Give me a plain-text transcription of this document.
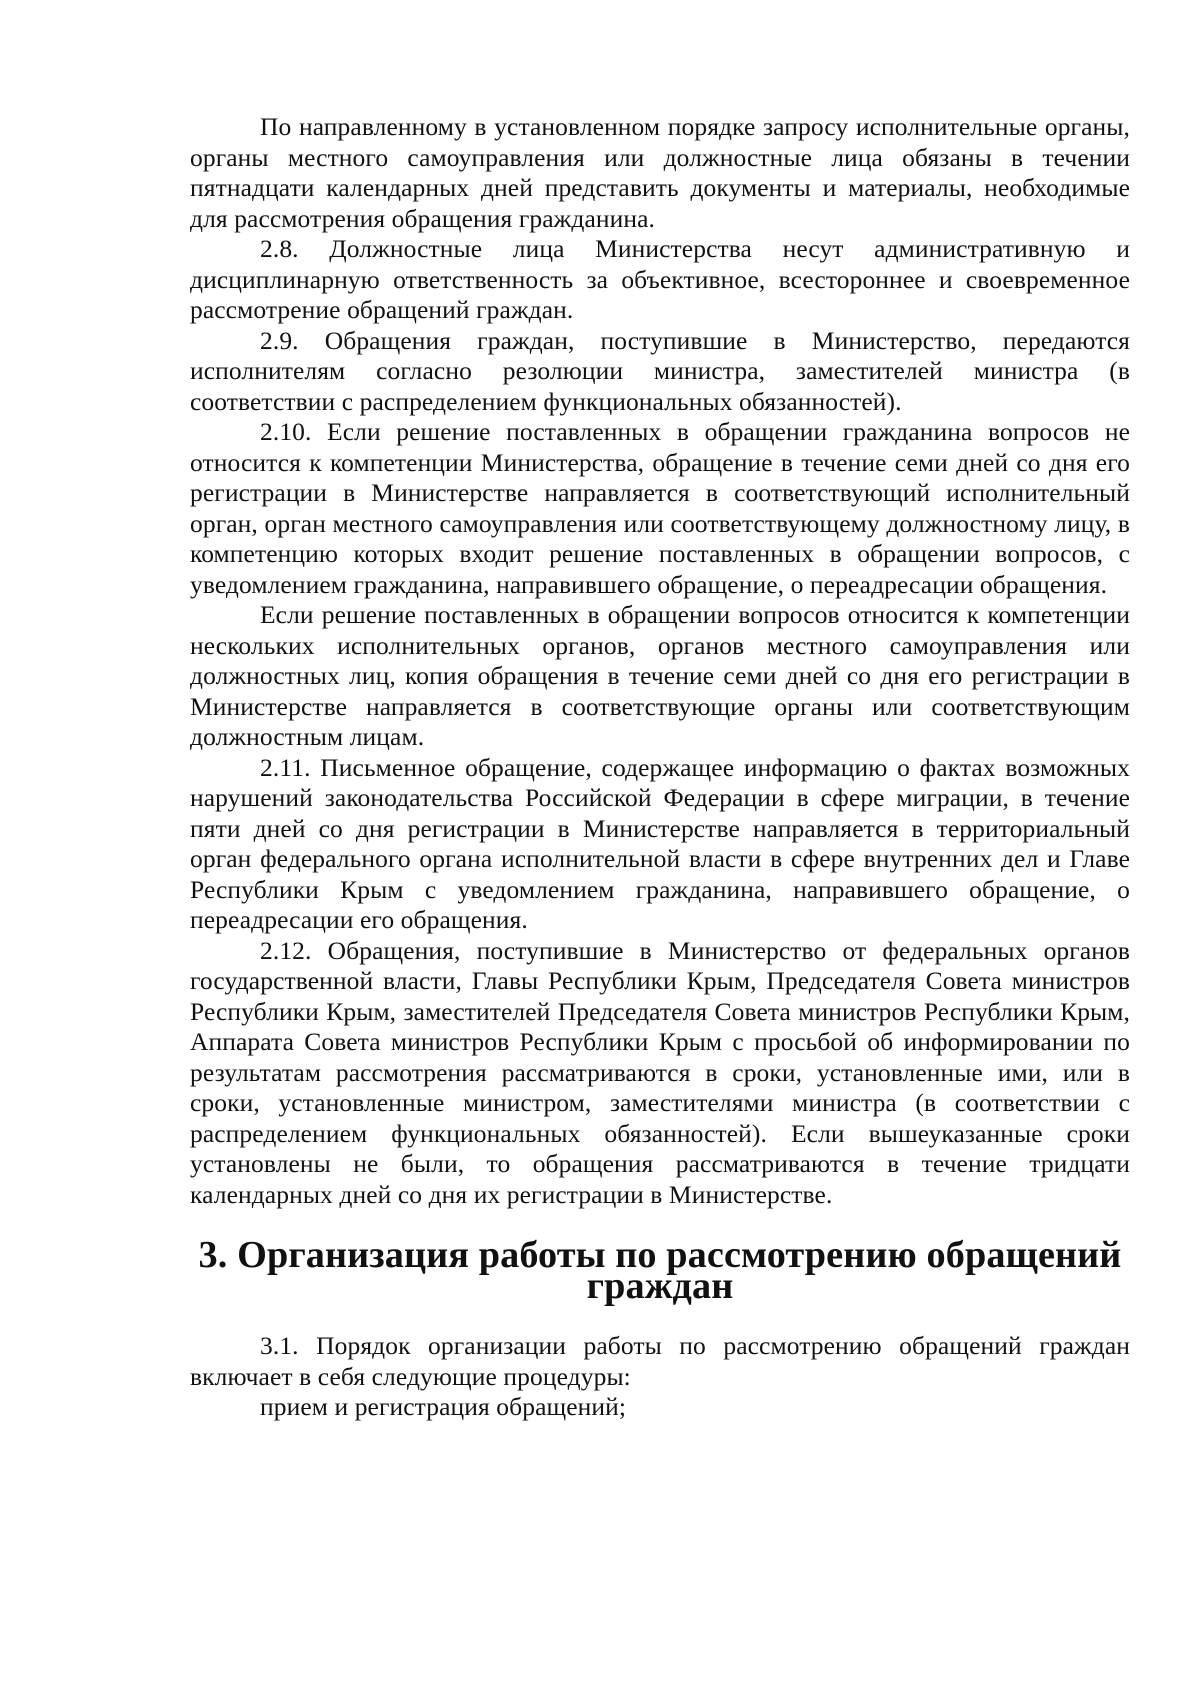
По направленному в установленном порядке запросу исполнительные органы, органы местного самоуправления или должностные лица обязаны в течении пятнадцати календарных дней представить документы и материалы, необходимые для рассмотрения обращения гражданина.

2.8. Должностные лица Министерства несут административную и дисциплинарную ответственность за объективное, всестороннее и своевременное рассмотрение обращений граждан.

2.9. Обращения граждан, поступившие в Министерство, передаются исполнителям согласно резолюции министра, заместителей министра (в соответствии с распределением функциональных обязанностей).

2.10. Если решение поставленных в обращении гражданина вопросов не относится к компетенции Министерства, обращение в течение семи дней со дня его регистрации в Министерстве направляется в соответствующий исполнительный орган, орган местного самоуправления или соответствующему должностному лицу, в компетенцию которых входит решение поставленных в обращении вопросов, с уведомлением гражданина, направившего обращение, о переадресации обращения.

Если решение поставленных в обращении вопросов относится к компетенции нескольких исполнительных органов, органов местного самоуправления или должностных лиц, копия обращения в течение семи дней со дня его регистрации в Министерстве направляется в соответствующие органы или соответствующим должностным лицам.

2.11. Письменное обращение, содержащее информацию о фактах возможных нарушений законодательства Российской Федерации в сфере миграции, в течение пяти дней со дня регистрации в Министерстве направляется в территориальный орган федерального органа исполнительной власти в сфере внутренних дел и Главе Республики Крым с уведомлением гражданина, направившего обращение, о переадресации его обращения.

2.12. Обращения, поступившие в Министерство от федеральных органов государственной власти, Главы Республики Крым, Председателя Совета министров Республики Крым, заместителей Председателя Совета министров Республики Крым, Аппарата Совета министров Республики Крым с просьбой об информировании по результатам рассмотрения рассматриваются в сроки, установленные ими, или в сроки, установленные министром, заместителями министра (в соответствии с распределением функциональных обязанностей). Если вышеуказанные сроки установлены не были, то обращения рассматриваются в течение тридцати календарных дней со дня их регистрации в Министерстве.

3. Организация работы по рассмотрению обращений граждан

3.1. Порядок организации работы по рассмотрению обращений граждан включает в себя следующие процедуры:

прием и регистрация обращений;
